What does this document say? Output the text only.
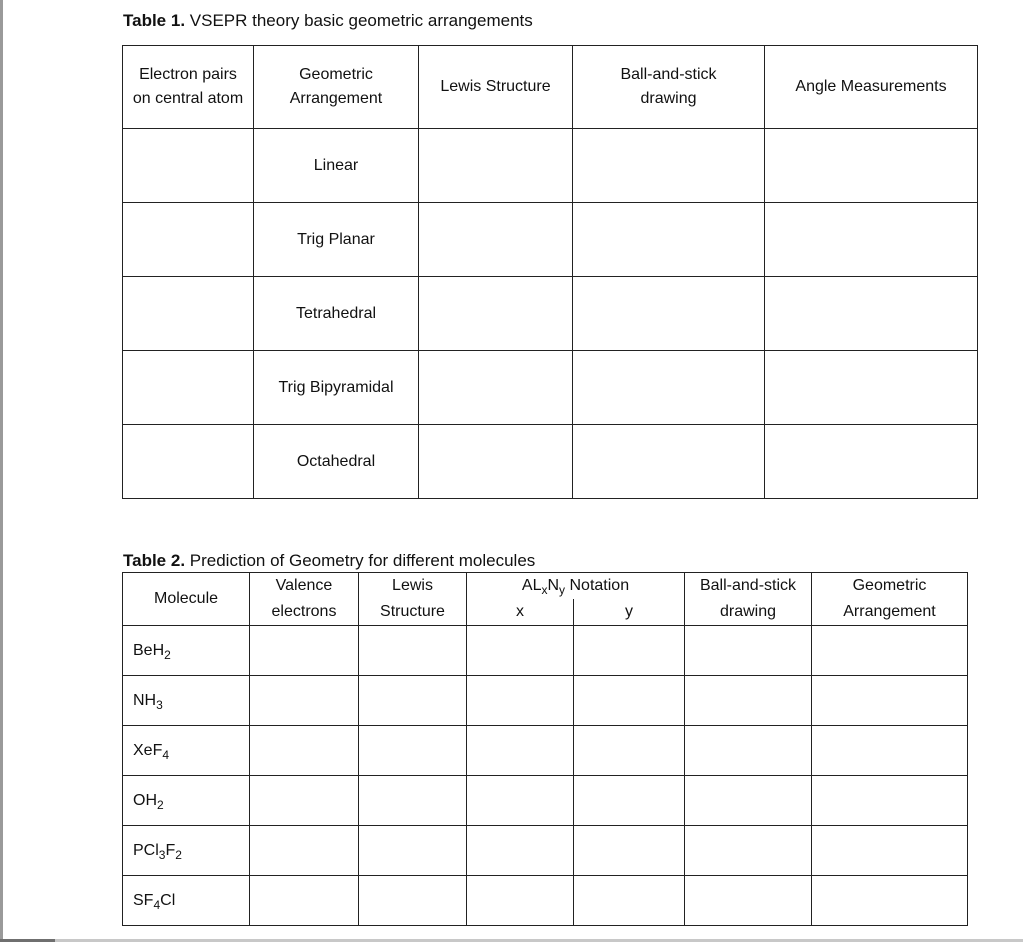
Table 1. VSEPR theory basic geometric arrangements
Electron pairs on central atom	Geometric Arrangement	Lewis Structure	Ball-and-stick drawing	Angle Measurements
	Linear			
	Trig Planar			
	Tetrahedral			
	Trig Bipyramidal			
	Octahedral			
Table 2. Prediction of Geometry for different molecules
Molecule	Valence	Lewis	$AL_xN_y$ Notation		Ball-and-stick	Geometric
	electrons	Structure	x	y	drawing	Arrangement
BeH$_2$						
$NH_3$						
XeF$_4$						
$OH_2$						
$PCl_3F_2$						
$SF_4Cl$						
